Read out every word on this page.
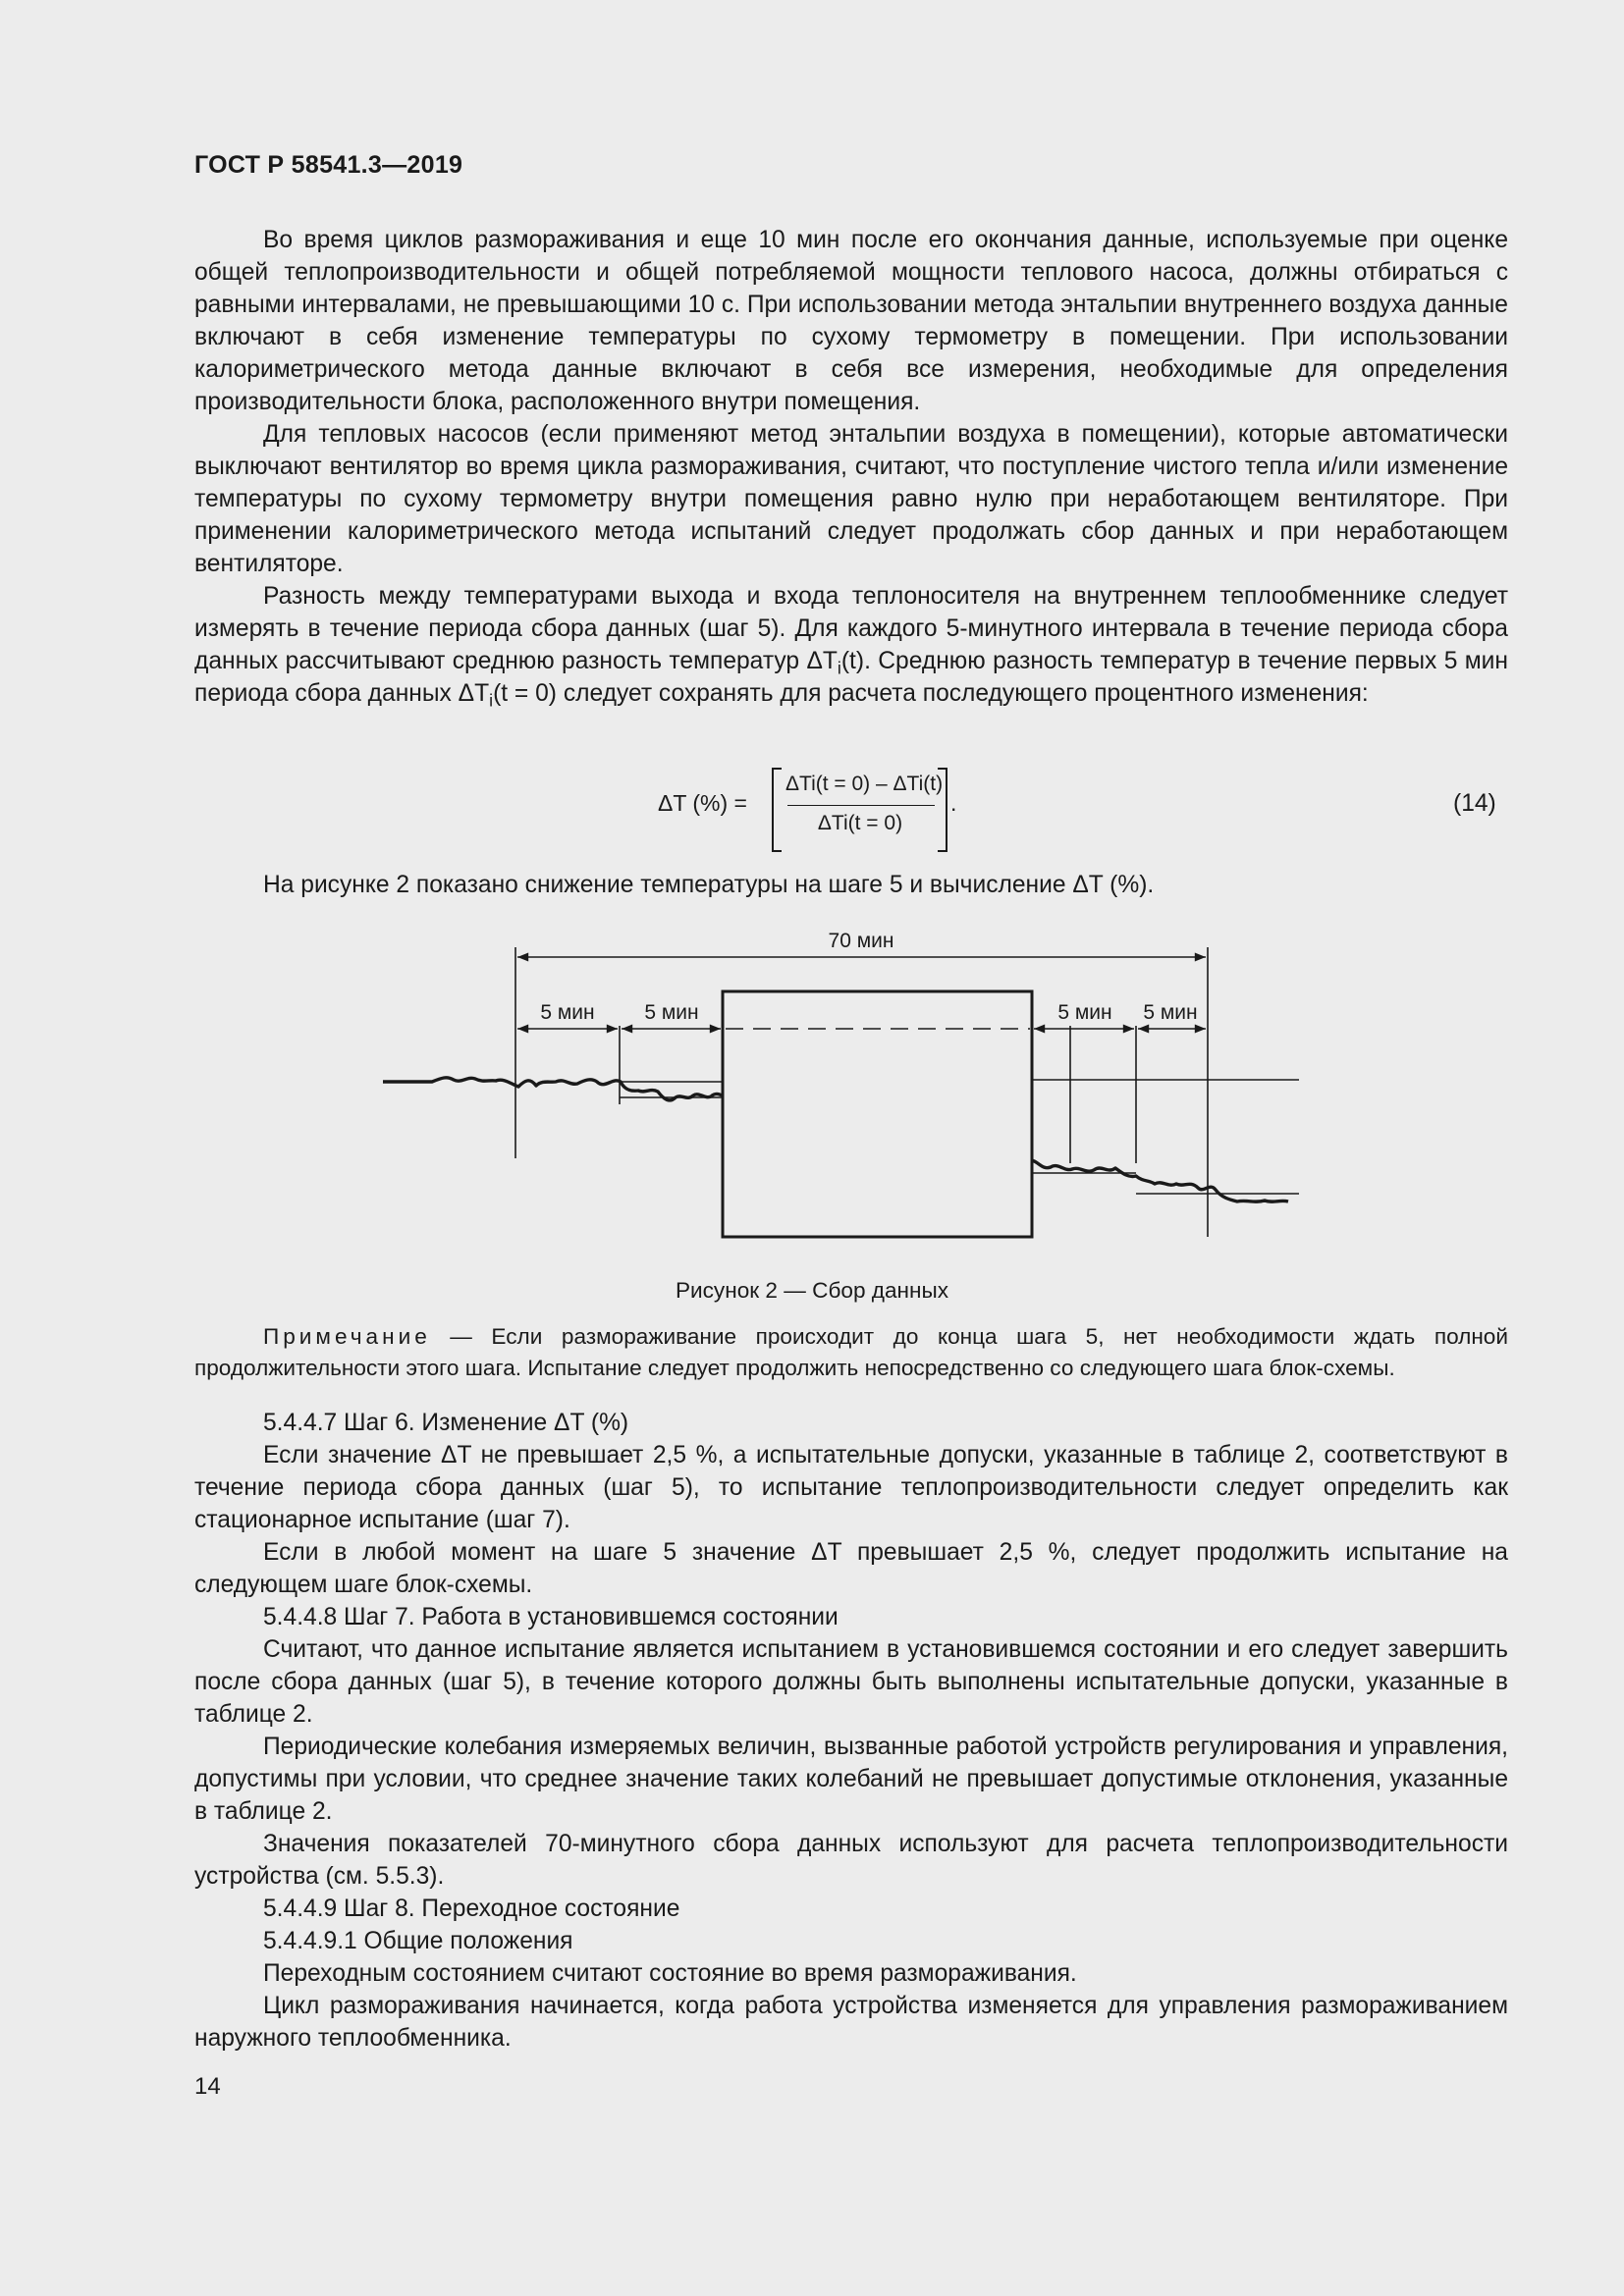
ГОСТ Р 58541.3—2019

Во время циклов размораживания и еще 10 мин после его окончания данные, используемые при оценке общей теплопроизводительности и общей потребляемой мощности теплового насоса, должны отбираться с равными интервалами, не превышающими 10 с. При использовании метода энтальпии внутреннего воздуха данные включают в себя изменение температуры по сухому термометру в помещении. При использовании калориметрического метода данные включают в себя все измерения, необходимые для определения производительности блока, расположенного внутри помещения.

Для тепловых насосов (если применяют метод энтальпии воздуха в помещении), которые автоматически выключают вентилятор во время цикла размораживания, считают, что поступление чистого тепла и/или изменение температуры по сухому термометру внутри помещения равно нулю при неработающем вентиляторе. При применении калориметрического метода испытаний следует продолжать сбор данных и при неработающем вентиляторе.

Разность между температурами выхода и входа теплоносителя на внутреннем теплообменнике следует измерять в течение периода сбора данных (шаг 5). Для каждого 5-минутного интервала в течение периода сбора данных рассчитывают среднюю разность температур $\Delta T_i(t)$. Среднюю разность температур в течение первых 5 мин периода сбора данных $\Delta T_i(t = 0)$ следует сохранять для расчета последующего процентного изменения:

ΔT (%) =
ΔTi(t = 0) – ΔTi(t)
ΔTi(t = 0)
.	(14)

На рисунке 2 показано снижение температуры на шаге 5 и вычисление ΔT (%).

70 мин
5 мин 5 мин	5 мин 5 мин
Рисунок 2 — Сбор данных

Примечание — Если размораживание происходит до конца шага 5, нет необходимости ждать полной продолжительности этого шага. Испытание следует продолжить непосредственно со следующего шага блок-схемы.

5.4.4.7 Шаг 6. Изменение ΔT (%)

Если значение ΔT не превышает 2,5 %, а испытательные допуски, указанные в таблице 2, соответствуют в течение периода сбора данных (шаг 5), то испытание теплопроизводительности следует определить как стационарное испытание (шаг 7).

Если в любой момент на шаге 5 значение ΔT превышает 2,5 %, следует продолжить испытание на следующем шаге блок-схемы.

5.4.4.8 Шаг 7. Работа в установившемся состоянии

Считают, что данное испытание является испытанием в установившемся состоянии и его следует завершить после сбора данных (шаг 5), в течение которого должны быть выполнены испытательные допуски, указанные в таблице 2.

Периодические колебания измеряемых величин, вызванные работой устройств регулирования и управления, допустимы при условии, что среднее значение таких колебаний не превышает допустимые отклонения, указанные в таблице 2.

Значения показателей 70-минутного сбора данных используют для расчета теплопроизводительности устройства (см. 5.5.3).

5.4.4.9 Шаг 8. Переходное состояние

5.4.4.9.1 Общие положения

Переходным состоянием считают состояние во время размораживания.

Цикл размораживания начинается, когда работа устройства изменяется для управления размораживанием наружного теплообменника.

14
